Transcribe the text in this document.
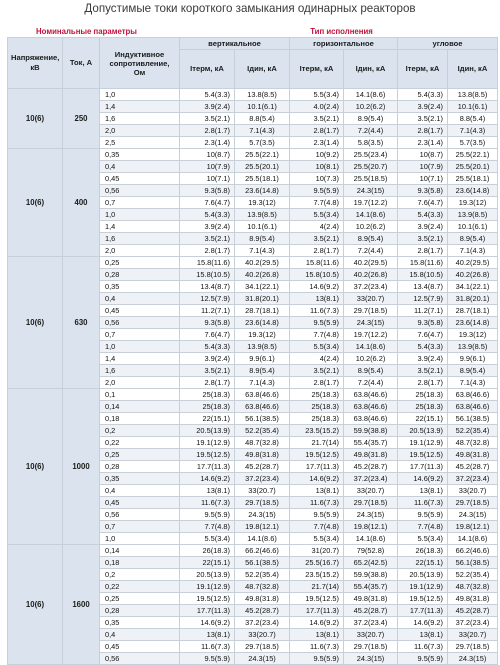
Допустимые токи короткого замыкания одинарных реакторов
Номинальные параметры	Тип исполнения
Напряжение, кВ	Ток, А	Индуктивное сопротивление, Ом	вертикальное		горизонтальное		угловое	
			Iтерм, кА	Iдин, кА	Iтерм, кА	Iдин, кА	Iтерм, кА	Iдин, кА
10(6)	250	1,0	5.4(3.3)	13.8(8.5)	5.5(3.4)	14.1(8.6)	5.4(3.3)	13.8(8.5)
		1,4	3.9(2.4)	10.1(6.1)	4.0(2.4)	10.2(6.2)	3.9(2.4)	10.1(6.1)
		1,6	3.5(2.1)	8.8(5.4)	3.5(2.1)	8.9(5.4)	3.5(2.1)	8.8(5.4)
		2,0	2.8(1.7)	7.1(4.3)	2.8(1.7)	7.2(4.4)	2.8(1.7)	7.1(4.3)
		2,5	2.3(1.4)	5.7(3.5)	2.3(1.4)	5.8(3.5)	2.3(1.4)	5.7(3.5)
10(6)	400	0,35	10(8.7)	25.5(22.1)	10(9.2)	25.5(23.4)	10(8.7)	25.5(22.1)
		0,4	10(7.9)	25.5(20.1)	10(8.1)	25.5(20.7)	10(7.9)	25.5(20.1)
		0,45	10(7.1)	25.5(18.1)	10(7.3)	25.5(18.5)	10(7.1)	25.5(18.1)
		0,56	9.3(5.8)	23.6(14.8)	9.5(5.9)	24.3(15)	9.3(5.8)	23.6(14.8)
		0,7	7.6(4.7)	19.3(12)	7.7(4.8)	19.7(12.2)	7.6(4.7)	19.3(12)
		1,0	5.4(3.3)	13.9(8.5)	5.5(3.4)	14.1(8.6)	5.4(3.3)	13.9(8.5)
		1,4	3.9(2.4)	10.1(6.1)	4(2.4)	10.2(6.2)	3.9(2.4)	10.1(6.1)
		1,6	3.5(2.1)	8.9(5.4)	3.5(2.1)	8.9(5.4)	3.5(2.1)	8.9(5.4)
		2,0	2.8(1.7)	7.1(4.3)	2.8(1.7)	7.2(4.4)	2.8(1.7)	7.1(4.3)
10(6)	630	0,25	15.8(11.6)	40.2(29.5)	15.8(11.6)	40.2(29.5)	15.8(11.6)	40.2(29.5)
		0,28	15.8(10.5)	40.2(26.8)	15.8(10.5)	40.2(26.8)	15.8(10.5)	40.2(26.8)
		0,35	13.4(8.7)	34.1(22.1)	14.6(9.2)	37.2(23.4)	13.4(8.7)	34.1(22.1)
		0,4	12.5(7.9)	31.8(20.1)	13(8.1)	33(20.7)	12.5(7.9)	31.8(20.1)
		0,45	11.2(7.1)	28.7(18.1)	11.6(7.3)	29.7(18.5)	11.2(7.1)	28.7(18.1)
		0,56	9.3(5.8)	23.6(14.8)	9.5(5.9)	24.3(15)	9.3(5.8)	23.6(14.8)
		0,7	7.6(4.7)	19.3(12)	7.7(4.8)	19.7(12.2)	7.6(4.7)	19.3(12)
		1,0	5.4(3.3)	13.9(8.5)	5.5(3.4)	14.1(8.6)	5.4(3.3)	13.9(8.5)
		1,4	3.9(2.4)	9.9(6.1)	4(2.4)	10.2(6.2)	3.9(2.4)	9.9(6.1)
		1,6	3.5(2.1)	8.9(5.4)	3.5(2.1)	8.9(5.4)	3.5(2.1)	8.9(5.4)
		2,0	2.8(1.7)	7.1(4.3)	2.8(1.7)	7.2(4.4)	2.8(1.7)	7.1(4.3)
10(6)	1000	0,1	25(18.3)	63.8(46.6)	25(18.3)	63.8(46.6)	25(18.3)	63.8(46.6)
		0,14	25(18.3)	63.8(46.6)	25(18.3)	63.8(46.6)	25(18.3)	63.8(46.6)
		0,18	22(15.1)	56.1(38.5)	25(18.3)	63.8(46.6)	22(15.1)	56.1(38.5)
		0,2	20.5(13.9)	52.2(35.4)	23.5(15.2)	59.9(38.8)	20.5(13.9)	52.2(35.4)
		0,22	19.1(12.9)	48.7(32.8)	21.7(14)	55.4(35.7)	19.1(12.9)	48.7(32.8)
		0,25	19.5(12.5)	49.8(31.8)	19.5(12.5)	49.8(31.8)	19.5(12.5)	49.8(31.8)
		0,28	17.7(11.3)	45.2(28.7)	17.7(11.3)	45.2(28.7)	17.7(11.3)	45.2(28.7)
		0,35	14.6(9.2)	37.2(23.4)	14.6(9.2)	37.2(23.4)	14.6(9.2)	37.2(23.4)
		0,4	13(8.1)	33(20.7)	13(8.1)	33(20.7)	13(8.1)	33(20.7)
		0,45	11.6(7.3)	29.7(18.5)	11.6(7.3)	29.7(18.5)	11.6(7.3)	29.7(18.5)
		0,56	9.5(5.9)	24.3(15)	9.5(5.9)	24.3(15)	9.5(5.9)	24.3(15)
		0,7	7.7(4.8)	19.8(12.1)	7.7(4.8)	19.8(12.1)	7.7(4.8)	19.8(12.1)
		1,0	5.5(3.4)	14.1(8.6)	5.5(3.4)	14.1(8.6)	5.5(3.4)	14.1(8.6)
10(6)	1600	0,14	26(18.3)	66.2(46.6)	31(20.7)	79(52.8)	26(18.3)	66.2(46.6)
		0,18	22(15.1)	56.1(38.5)	25.5(16.7)	65.2(42.5)	22(15.1)	56.1(38.5)
		0,2	20.5(13.9)	52.2(35.4)	23.5(15.2)	59.9(38.8)	20.5(13.9)	52.2(35.4)
		0,22	19.1(12.9)	48.7(32.8)	21.7(14)	55.4(35.7)	19.1(12.9)	48.7(32.8)
		0,25	19.5(12.5)	49.8(31.8)	19.5(12.5)	49.8(31.8)	19.5(12.5)	49.8(31.8)
		0,28	17.7(11.3)	45.2(28.7)	17.7(11.3)	45.2(28.7)	17.7(11.3)	45.2(28.7)
		0,35	14.6(9.2)	37.2(23.4)	14.6(9.2)	37.2(23.4)	14.6(9.2)	37.2(23.4)
		0,4	13(8.1)	33(20.7)	13(8.1)	33(20.7)	13(8.1)	33(20.7)
		0,45	11.6(7.3)	29.7(18.5)	11.6(7.3)	29.7(18.5)	11.6(7.3)	29.7(18.5)
		0,56	9.5(5.9)	24.3(15)	9.5(5.9)	24.3(15)	9.5(5.9)	24.3(15)
